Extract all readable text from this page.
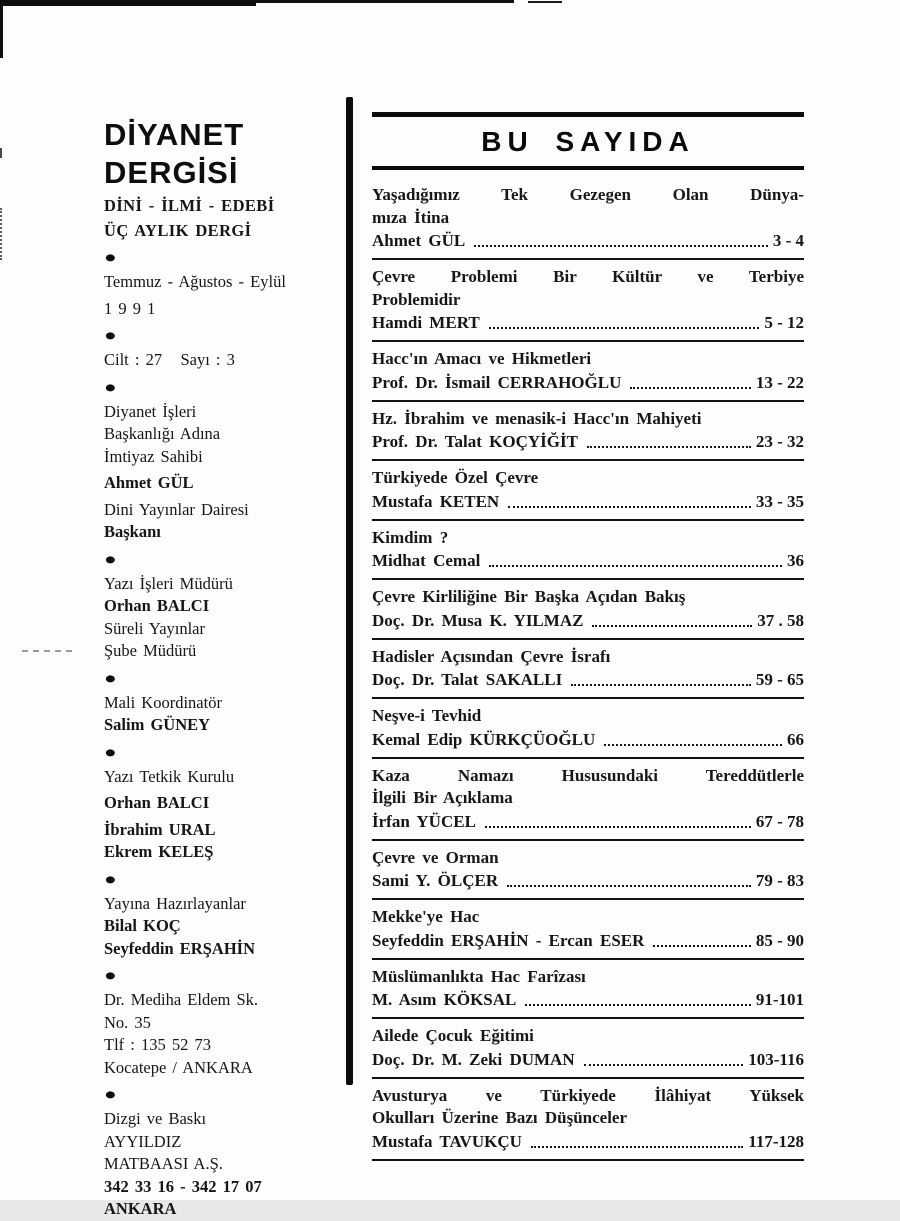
DİYANET
DERGİSİ
DİNİ - İLMİ - EDEBİ
ÜÇ AYLIK DERGİ
●
Temmuz - Ağustos - Eylül
1 9 9 1
●
Cilt : 27   Sayı : 3
●
Diyanet İşleri
Başkanlığı Adına
İmtiyaz Sahibi
Ahmet GÜL
Dini Yayınlar Dairesi
Başkanı
●
Yazı İşleri Müdürü
Orhan BALCI
Süreli Yayınlar
Şube Müdürü
●
Mali Koordinatör
Salim GÜNEY
●
Yazı Tetkik Kurulu
Orhan BALCI
İbrahim URAL
Ekrem KELEŞ
●
Yayına Hazırlayanlar
Bilal KOÇ
Seyfeddin ERŞAHİN
●
Dr. Mediha Eldem Sk.
No. 35
Tlf : 135 52 73
Kocatepe / ANKARA
●
Dizgi ve Baskı
AYYILDIZ
MATBAASI A.Ş.
342 33 16 - 342 17 07
ANKARA
BU SAYIDA
Yaşadığımız Tek Gezegen Olan Dünya-
mıza İtina
Ahmet GÜL	3 - 4
Çevre Problemi Bir Kültür ve Terbiye
Problemidir
Hamdi MERT	5 - 12
Hacc'ın Amacı ve Hikmetleri
Prof. Dr. İsmail CERRAHOĞLU	13 - 22
Hz. İbrahim ve menasik-i Hacc'ın Mahiyeti
Prof. Dr. Talat KOÇYİĞİT	23 - 32
Türkiyede Özel Çevre
Mustafa KETEN	33 - 35
Kimdim ?
Midhat Cemal	36
Çevre Kirliliğine Bir Başka Açıdan Bakış
Doç. Dr. Musa K. YILMAZ	37 . 58
Hadisler Açısından Çevre İsrafı
Doç. Dr. Talat SAKALLI	59 - 65
Neşve-i Tevhid
Kemal Edip KÜRKÇÜOĞLU	66
Kaza Namazı Hususundaki Tereddütlerle
İlgili Bir Açıklama
İrfan YÜCEL	67 - 78
Çevre ve Orman
Sami Y. ÖLÇER	79 - 83
Mekke'ye Hac
Seyfeddin ERŞAHİN - Ercan ESER	85 - 90
Müslümanlıkta Hac Farîzası
M. Asım KÖKSAL	91-101
Ailede Çocuk Eğitimi
Doç. Dr. M. Zeki DUMAN	103-116
Avusturya ve Türkiyede İlâhiyat Yüksek
Okulları Üzerine Bazı Düşünceler
Mustafa TAVUKÇU	117-128
